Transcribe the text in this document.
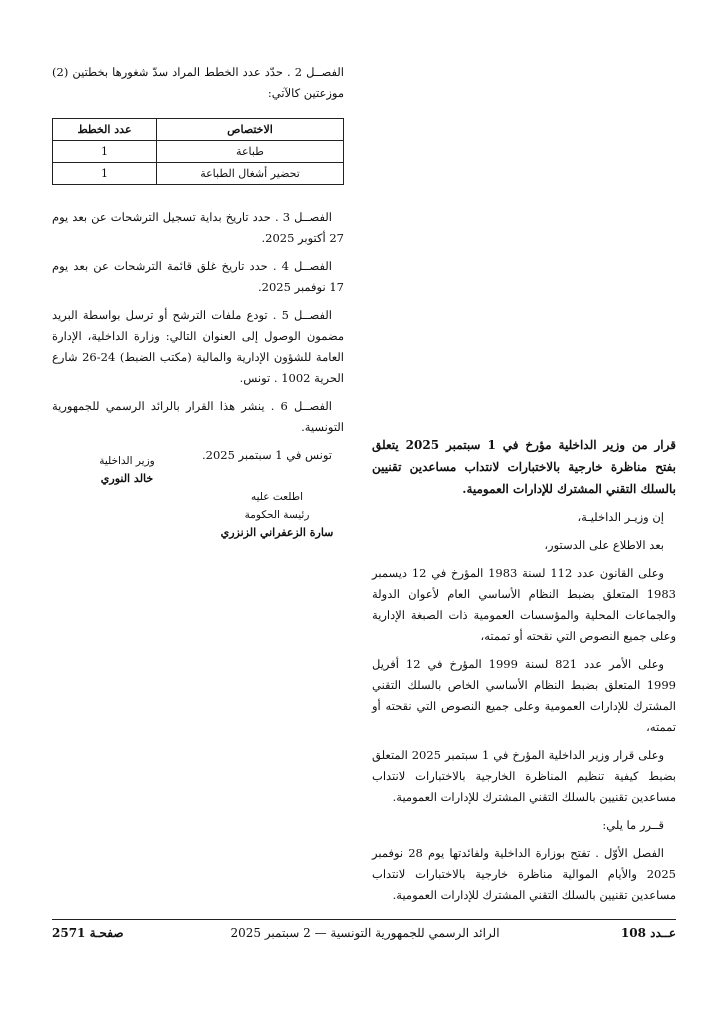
الفصــل 2 . حدّد عدد الخطط المراد سدّ شغورها بخطتين (2) موزعتين كالآتي:

الاختصاص	عدد الخطط
طباعة	1
تحضير أشغال الطباعة	1

الفصــل 3 . حدد تاريخ بداية تسجيل الترشحات عن بعد يوم 27 أكتوبر 2025.

الفصــل 4 . حدد تاريخ غلق قائمة الترشحات عن بعد يوم 17 نوفمبر 2025.

الفصــل 5 . تودع ملفات الترشح أو ترسل بواسطة البريد مضمون الوصول إلى العنوان التالي: وزارة الداخلية، الإدارة العامة للشؤون الإدارية والمالية (مكتب الضبط) 24-26 شارع الحرية 1002 . تونس.

الفصــل 6 . ينشر هذا القرار بالرائد الرسمي للجمهورية التونسية.

تونس في 1 سبتمبر 2025.

وزير الداخلية
خالد النوري
اطلعت عليه
رئيسة الحكومة
سارة الزعفراني الزنزري

قرار من وزير الداخلية مؤرخ في 1 سبتمبر 2025 يتعلق بفتح مناظرة خارجية بالاختبارات لانتداب مساعدين تقنيين بالسلك التقني المشترك للإدارات العمومية.

إن وزيـر الداخليـة،

بعد الاطلاع على الدستور،

وعلى القانون عدد 112 لسنة 1983 المؤرخ في 12 ديسمبر 1983 المتعلق بضبط النظام الأساسي العام لأعوان الدولة والجماعات المحلية والمؤسسات العمومية ذات الصبغة الإدارية وعلى جميع النصوص التي نقحته أو تممته،

وعلى الأمر عدد 821 لسنة 1999 المؤرخ في 12 أفريل 1999 المتعلق بضبط النظام الأساسي الخاص بالسلك التقني المشترك للإدارات العمومية وعلى جميع النصوص التي نقحته أو تممته،

وعلى قرار وزير الداخلية المؤرخ في 1 سبتمبر 2025 المتعلق بضبط كيفية تنظيم المناظرة الخارجية بالاختبارات لانتداب مساعدين تقنيين بالسلك التقني المشترك للإدارات العمومية.

قــرر ما يلي:

الفصل الأوّل . تفتح بوزارة الداخلية ولفائدتها يوم 28 نوفمبر 2025 والأيام الموالية مناظرة خارجية بالاختبارات لانتداب مساعدين تقنيين بالسلك التقني المشترك للإدارات العمومية.

عــدد 108
الرائد الرسمي للجمهورية التونسية — 2 سبتمبر 2025
صفحـة 2571
